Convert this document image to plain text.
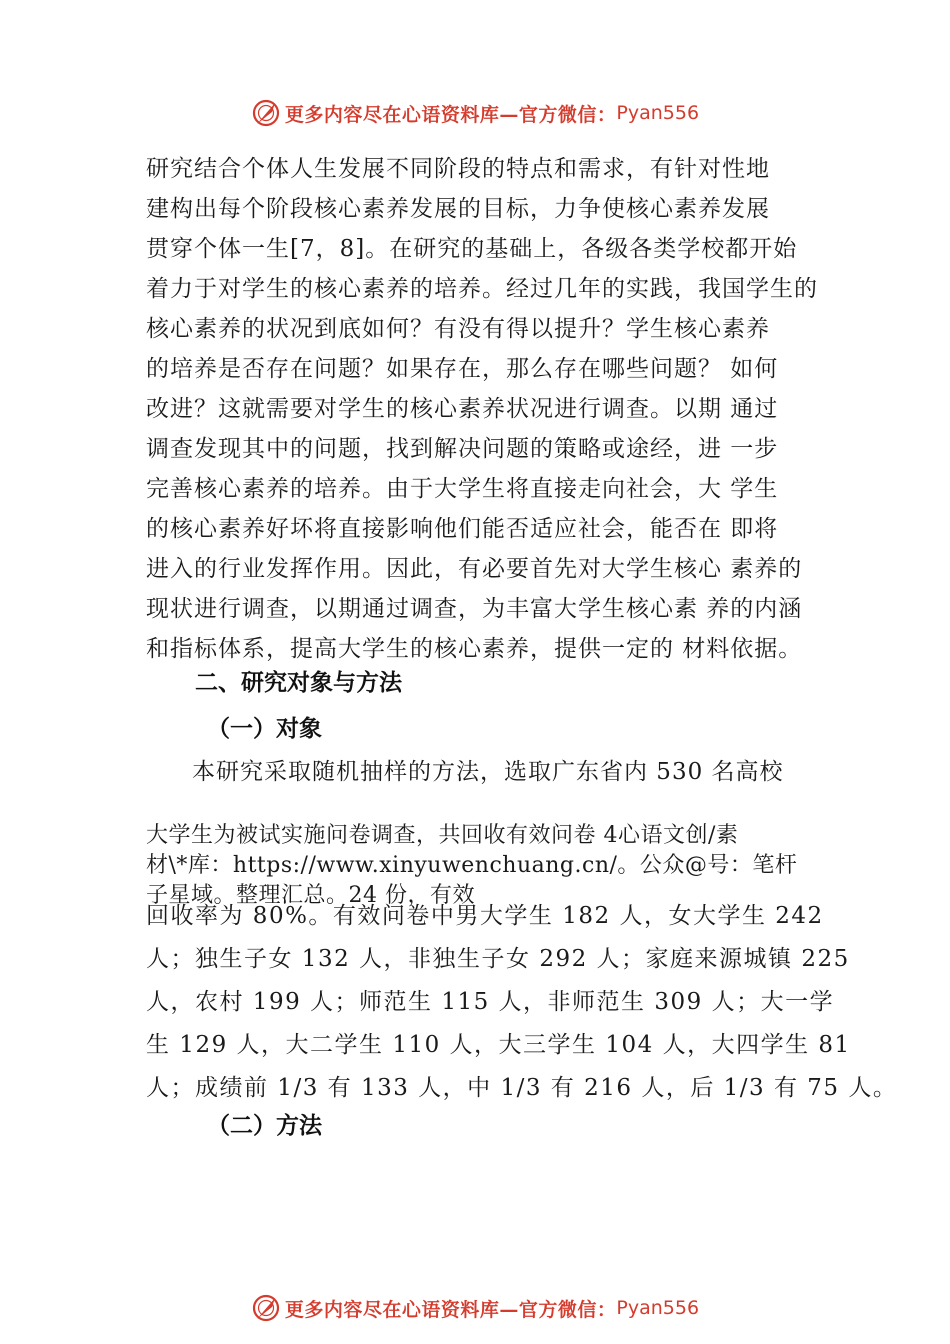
更多内容尽在心语资料库—官方微信： Pyan556
研究结合个体人生发展不同阶段的特点和需求，有针对性地
建构出每个阶段核心素养发展的目标，力争使核心素养发展
贯穿个体一生[7，8]。在研究的基础上，各级各类学校都开始
着力于对学生的核心素养的培养。经过几年的实践，我国学生的
核心素养的状况到底如何？有没有得以提升？学生核心素养
的培养是否存在问题？如果存在，那么存在哪些问题？ 如何
改进？这就需要对学生的核心素养状况进行调查。以期 通过
调查发现其中的问题，找到解决问题的策略或途经，进 一步
完善核心素养的培养。由于大学生将直接走向社会，大 学生
的核心素养好坏将直接影响他们能否适应社会，能否在 即将
进入的行业发挥作用。因此，有必要首先对大学生核心 素养的
现状进行调查，以期通过调查，为丰富大学生核心素 养的内涵
和指标体系，提高大学生的核心素养，提供一定的 材料依据。
二、研究对象与方法
（一）对象
本研究采取随机抽样的方法，选取广东省内 530 名高校
大学生为被试实施问卷调查，共回收有效问卷 4心语文创/素
材\*库：https://www.xinyuwenchuang.cn/。公众@号：笔杆
子星域。整理汇总。24 份，有效
回收率为 80%。有效问卷中男大学生 182 人，女大学生 242
人；独生子女 132 人，非独生子女 292 人；家庭来源城镇 225
人，农村 199 人；师范生 115 人，非师范生 309 人；大一学
生 129 人，大二学生 110 人，大三学生 104 人，大四学生 81
人；成绩前 1/3 有 133 人，中 1/3 有 216 人，后 1/3 有 75 人。
（二）方法
更多内容尽在心语资料库—官方微信： Pyan556
